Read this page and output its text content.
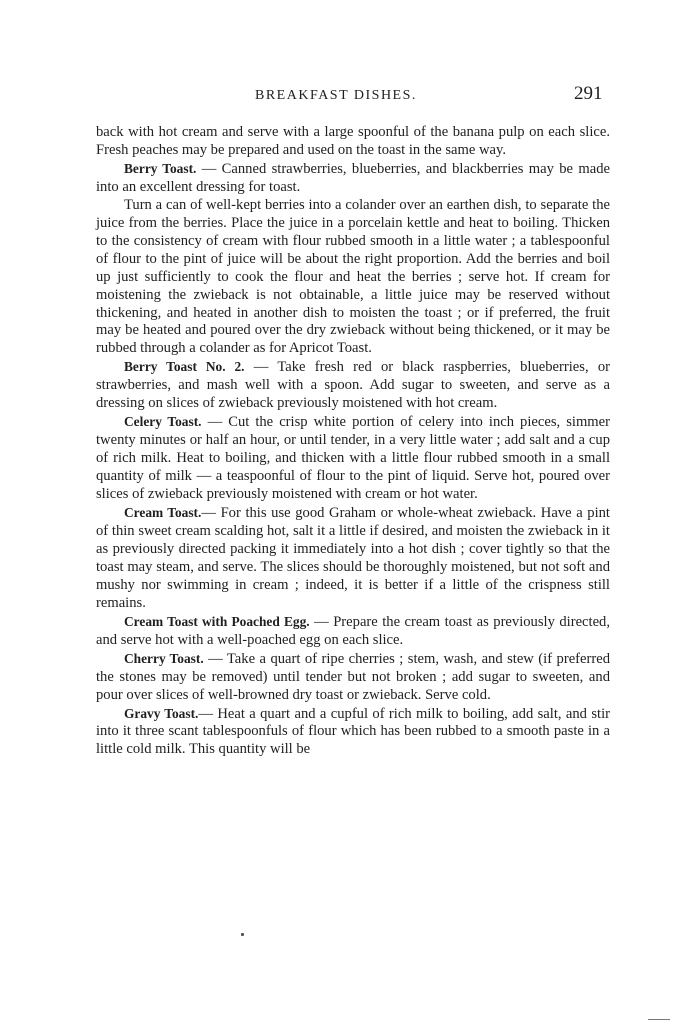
BREAKFAST DISHES.	291

back with hot cream and serve with a large spoonful of the banana pulp on each slice. Fresh peaches may be prepared and used on the toast in the same way.

Berry Toast. — Canned strawberries, blueberries, and blackberries may be made into an excellent dressing for toast.

Turn a can of well-kept berries into a colander over an earthen dish, to separate the juice from the berries. Place the juice in a porcelain kettle and heat to boiling. Thicken to the consistency of cream with flour rubbed smooth in a little water ; a tablespoonful of flour to the pint of juice will be about the right proportion. Add the berries and boil up just sufficiently to cook the flour and heat the berries ; serve hot. If cream for moistening the zwieback is not obtainable, a little juice may be reserved without thickening, and heated in another dish to moisten the toast ; or if preferred, the fruit may be heated and poured over the dry zwieback without being thickened, or it may be rubbed through a colander as for Apricot Toast.

Berry Toast No. 2. — Take fresh red or black raspberries, blueberries, or strawberries, and mash well with a spoon. Add sugar to sweeten, and serve as a dressing on slices of zwieback previously moistened with hot cream.

Celery Toast. — Cut the crisp white portion of celery into inch pieces, simmer twenty minutes or half an hour, or until tender, in a very little water ; add salt and a cup of rich milk. Heat to boiling, and thicken with a little flour rubbed smooth in a small quantity of milk — a teaspoonful of flour to the pint of liquid. Serve hot, poured over slices of zwieback previously moistened with cream or hot water.

Cream Toast.— For this use good Graham or whole-wheat zwieback. Have a pint of thin sweet cream scalding hot, salt it a little if desired, and moisten the zwieback in it as previously directed packing it immediately into a hot dish ; cover tightly so that the toast may steam, and serve. The slices should be thoroughly moistened, but not soft and mushy nor swimming in cream ; indeed, it is better if a little of the crispness still remains.

Cream Toast with Poached Egg. — Prepare the cream toast as previously directed, and serve hot with a well-poached egg on each slice.

Cherry Toast. — Take a quart of ripe cherries ; stem, wash, and stew (if preferred the stones may be removed) until tender but not broken ; add sugar to sweeten, and pour over slices of well-browned dry toast or zwieback. Serve cold.

Gravy Toast.— Heat a quart and a cupful of rich milk to boiling, add salt, and stir into it three scant tablespoonfuls of flour which has been rubbed to a smooth paste in a little cold milk. This quantity will be
